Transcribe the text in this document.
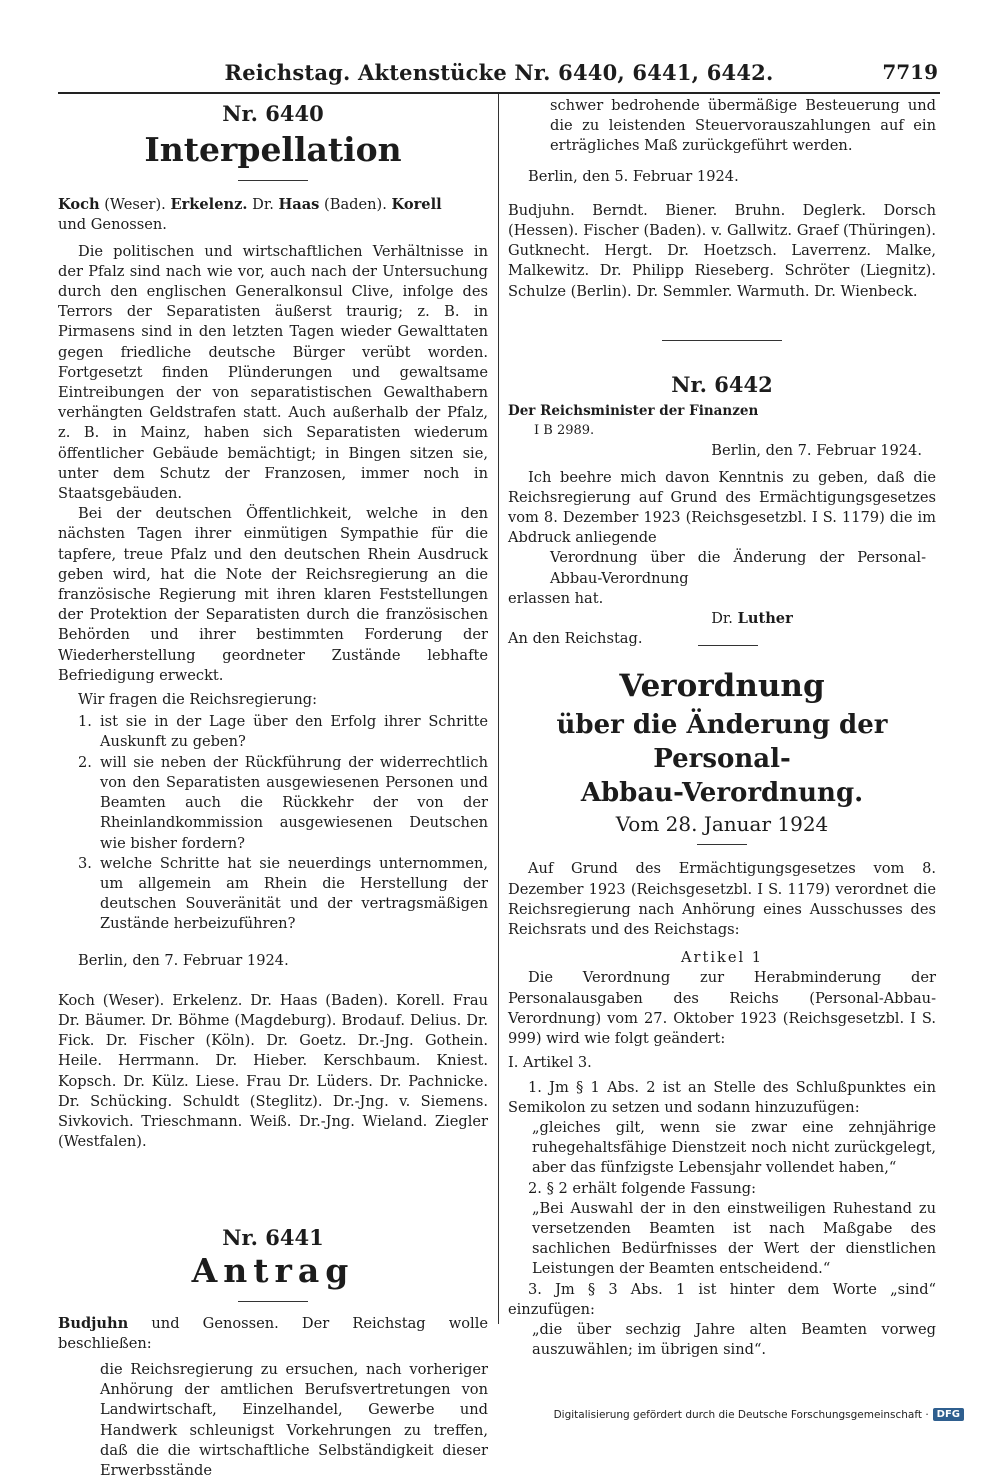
Reichstag. Aktenstücke Nr. 6440, 6441, 6442.	7719
Nr. 6440
Interpellation

Koch (Weser). Erkelenz. Dr. Haas (Baden). Korell
und Genossen.

Die politischen und wirtschaftlichen Verhältnisse in der Pfalz sind nach wie vor, auch nach der Untersuchung durch den englischen Generalkonsul Clive, infolge des Terrors der Separatisten äußerst traurig; z. B. in Pirmasens sind in den letzten Tagen wieder Gewalttaten gegen friedliche deutsche Bürger verübt worden. Fortgesetzt finden Plünderungen und gewaltsame Eintreibungen der von separatistischen Gewalthabern verhängten Geldstrafen statt. Auch außerhalb der Pfalz, z. B. in Mainz, haben sich Separatisten wiederum öffentlicher Gebäude bemächtigt; in Bingen sitzen sie, unter dem Schutz der Franzosen, immer noch in Staatsgebäuden.

Bei der deutschen Öffentlichkeit, welche in den nächsten Tagen ihrer einmütigen Sympathie für die tapfere, treue Pfalz und den deutschen Rhein Ausdruck geben wird, hat die Note der Reichsregierung an die französische Regierung mit ihren klaren Feststellungen der Protektion der Separatisten durch die französischen Behörden und ihrer bestimmten Forderung der Wiederherstellung geordneter Zustände lebhafte Befriedigung erweckt.

Wir fragen die Reichsregierung:

1. ist sie in der Lage über den Erfolg ihrer Schritte Auskunft zu geben?
2. will sie neben der Rückführung der widerrechtlich von den Separatisten ausgewiesenen Personen und Beamten auch die Rückkehr der von der Rheinlandkommission ausgewiesenen Deutschen wie bisher fordern?
3. welche Schritte hat sie neuerdings unternommen, um allgemein am Rhein die Herstellung der deutschen Souveränität und der vertragsmäßigen Zustände herbeizuführen?

Berlin, den 7. Februar 1924.

Koch (Weser). Erkelenz. Dr. Haas (Baden). Korell. Frau Dr. Bäumer. Dr. Böhme (Magdeburg). Brodauf. Delius. Dr. Fick. Dr. Fischer (Köln). Dr. Goetz. Dr.-Jng. Gothein. Heile. Herrmann. Dr. Hieber. Kerschbaum. Kniest. Kopsch. Dr. Külz. Liese. Frau Dr. Lüders. Dr. Pachnicke. Dr. Schücking. Schuldt (Steglitz). Dr.-Jng. v. Siemens. Sivkovich. Trieschmann. Weiß. Dr.-Jng. Wieland. Ziegler (Westfalen).

Nr. 6441
Antrag

Budjuhn und Genossen. Der Reichstag wolle beschließen:

die Reichsregierung zu ersuchen, nach vorheriger Anhörung der amtlichen Berufsvertretungen von Landwirtschaft, Einzelhandel, Gewerbe und Handwerk schleunigst Vorkehrungen zu treffen, daß die die wirtschaftliche Selbständigkeit dieser Erwerbsstände

schwer bedrohende übermäßige Besteuerung und die zu leistenden Steuervorauszahlungen auf ein erträgliches Maß zurückgeführt werden.

Berlin, den 5. Februar 1924.

Budjuhn. Berndt. Biener. Bruhn. Deglerk. Dorsch (Hessen). Fischer (Baden). v. Gallwitz. Graef (Thüringen). Gutknecht. Hergt. Dr. Hoetzsch. Laverrenz. Malke, Malkewitz. Dr. Philipp Rieseberg. Schröter (Liegnitz). Schulze (Berlin). Dr. Semmler. Warmuth. Dr. Wienbeck.

Nr. 6442

Der Reichsminister der Finanzen

I B 2989.

Berlin, den 7. Februar 1924.

Ich beehre mich davon Kenntnis zu geben, daß die Reichsregierung auf Grund des Ermächtigungsgesetzes vom 8. Dezember 1923 (Reichsgesetzbl. I S. 1179) die im Abdruck anliegende

Verordnung über die Änderung der Personal-Abbau-Verordnung

erlassen hat.

Dr. Luther

An den Reichstag.

Verordnung
über die Änderung der Personal-
Abbau-Verordnung.
Vom 28. Januar 1924

Auf Grund des Ermächtigungsgesetzes vom 8. Dezember 1923 (Reichsgesetzbl. I S. 1179) verordnet die Reichsregierung nach Anhörung eines Ausschusses des Reichsrats und des Reichstags:

Artikel 1

Die Verordnung zur Herabminderung der Personalausgaben des Reichs (Personal-Abbau-Verordnung) vom 27. Oktober 1923 (Reichsgesetzbl. I S. 999) wird wie folgt geändert:

I. Artikel 3.

1. Jm § 1 Abs. 2 ist an Stelle des Schlußpunktes ein Semikolon zu setzen und sodann hinzuzufügen:

„gleiches gilt, wenn sie zwar eine zehnjährige ruhegehaltsfähige Dienstzeit noch nicht zurückgelegt, aber das fünfzigste Lebensjahr vollendet haben,“

2. § 2 erhält folgende Fassung:

„Bei Auswahl der in den einstweiligen Ruhestand zu versetzenden Beamten ist nach Maßgabe des sachlichen Bedürfnisses der Wert der dienstlichen Leistungen der Beamten entscheidend.“

3. Jm § 3 Abs. 1 ist hinter dem Worte „sind“ einzufügen:

„die über sechzig Jahre alten Beamten vorweg auszuwählen; im übrigen sind“.

Digitalisierung gefördert durch die Deutsche Forschungsgemeinschaft · DFG
